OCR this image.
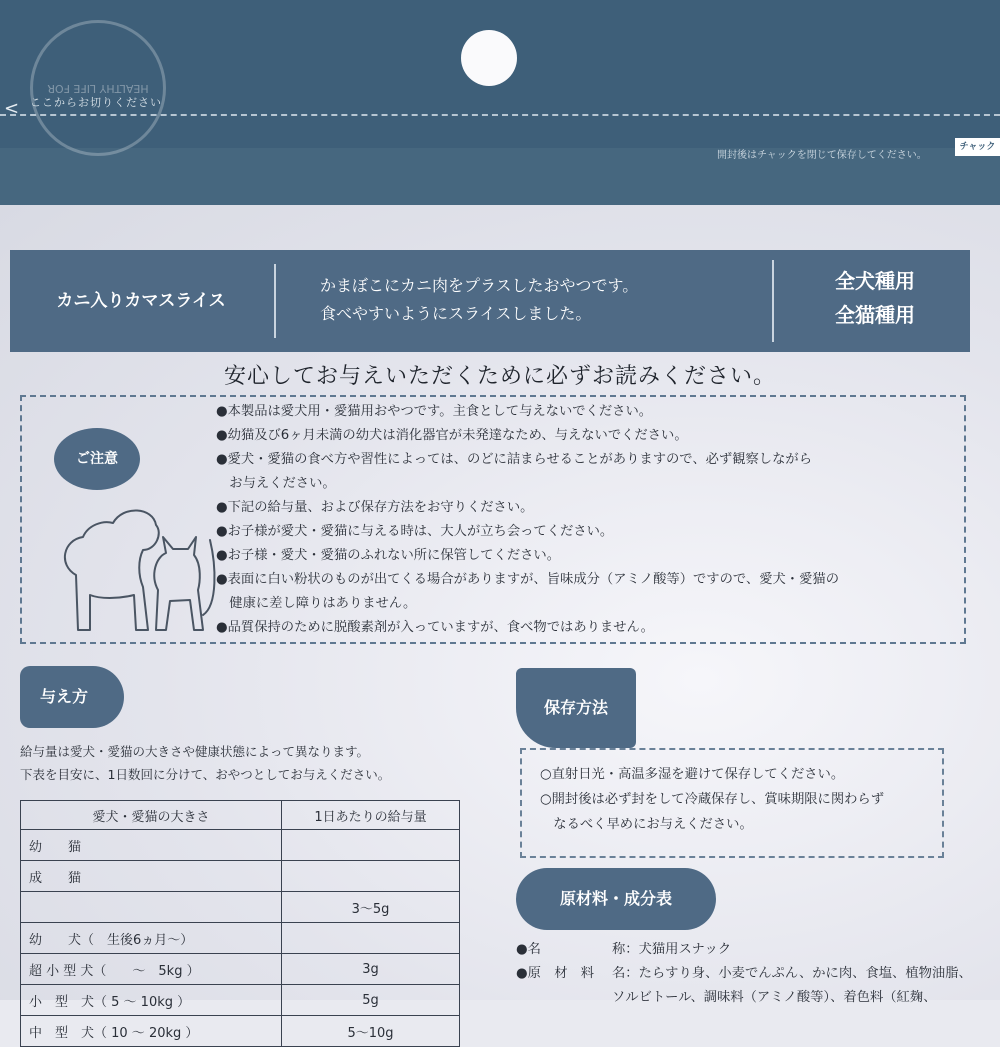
HEALTHY LIFE FOR
< ここからお切りください
開封後はチャックを閉じて保存してください。
チャック
カニ入りカマスライス
かまぼこにカニ肉をプラスしたおやつです。
食べやすいようにスライスしました。
全犬種用
全猫種用
安心してお与えいただくために必ずお読みください。
ご注意
●本製品は愛犬用・愛猫用おやつです。主食として与えないでください。
●幼猫及び6ヶ月未満の幼犬は消化器官が未発達なため、与えないでください。
●愛犬・愛猫の食べ方や習性によっては、のどに詰まらせることがありますので、必ず観察しながら
　お与えください。
●下記の給与量、および保存方法をお守りください。
●お子様が愛犬・愛猫に与える時は、大人が立ち会ってください。
●お子様・愛犬・愛猫のふれない所に保管してください。
●表面に白い粉状のものが出てくる場合がありますが、旨味成分（アミノ酸等）ですので、愛犬・愛猫の
　健康に差し障りはありません。
●品質保持のために脱酸素剤が入っていますが、食べ物ではありません。
与え方
給与量は愛犬・愛猫の大きさや健康状態によって異なります。
下表を目安に、1日数回に分けて、おやつとしてお与えください。
愛犬・愛猫の大きさ	1日あたりの給与量
幼　　猫	
成　　猫	
	3〜5g
幼　　犬（　生後6ヵ月〜）	
超 小 型 犬（　　〜　5kg ）	3g
小　型　犬（ 5 〜 10kg ）	5g
中　型　犬（ 10 〜 20kg ）	5〜10g
保存方法
○直射日光・高温多湿を避けて保存してください。
○開封後は必ず封をして冷蔵保存し、賞味期限に関わらず
　なるべく早めにお与えください。
原材料・成分表
●名	称：犬猫用スナック
●原　材　料 名：たらすり身、小麦でんぷん、かに肉、食塩、植物油脂、
ソルビトール、調味料（アミノ酸等）、着色料（紅麹、
